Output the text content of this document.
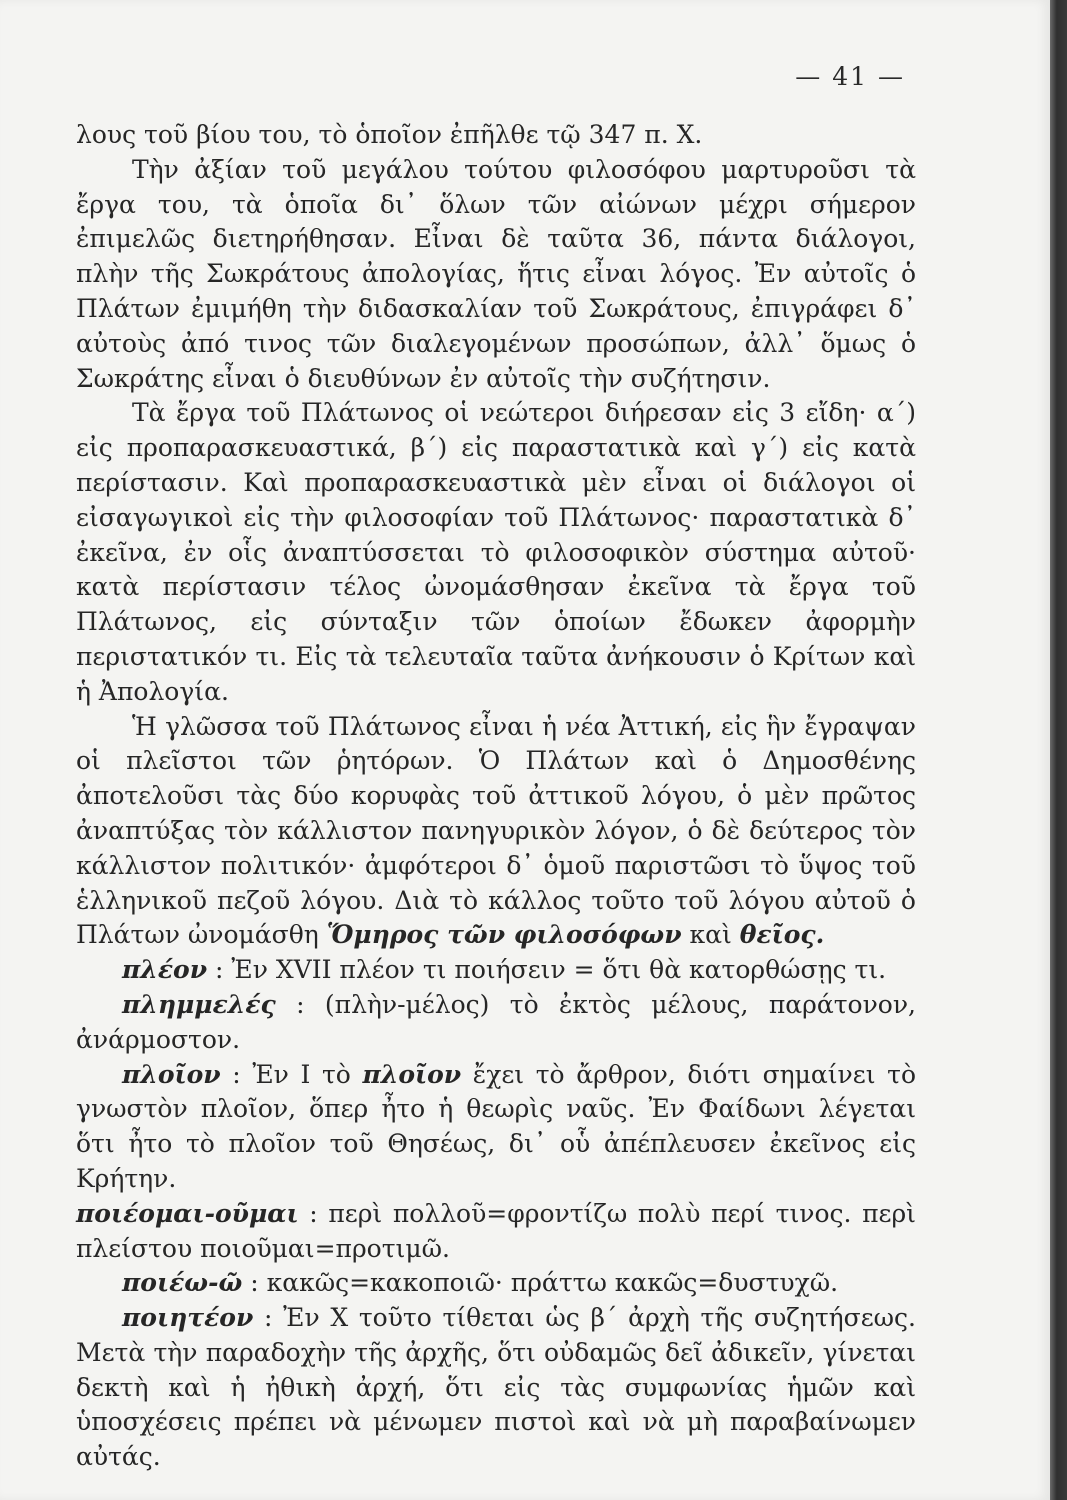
— 41 —

λους τοῦ βίου του, τὸ ὁποῖον ἐπῆλθε τῷ 347 π. Χ.

Τὴν ἀξίαν τοῦ μεγάλου τούτου φιλοσόφου μαρτυροῦσι τὰ ἔργα του, τὰ ὁποῖα δι᾽ ὅλων τῶν αἰώνων μέχρι σήμερον ἐπιμελῶς διετηρήθησαν. Εἶναι δὲ ταῦτα 36, πάντα διάλογοι, πλὴν τῆς Σωκράτους ἀπολογίας, ἥτις εἶναι λόγος. Ἐν αὐτοῖς ὁ Πλάτων ἐμιμήθη τὴν διδασκαλίαν τοῦ Σωκράτους, ἐπιγράφει δ᾽ αὐτοὺς ἀπό τινος τῶν διαλεγομένων προσώπων, ἀλλ᾽ ὅμως ὁ Σωκράτης εἶναι ὁ διευθύνων ἐν αὐτοῖς τὴν συζήτησιν.

Τὰ ἔργα τοῦ Πλάτωνος οἱ νεώτεροι διήρεσαν εἰς 3 εἴδη· α΄) εἰς προπαρασκευαστικά, β΄) εἰς παραστατικὰ καὶ γ΄) εἰς κατὰ περίστασιν. Καὶ προπαρασκευαστικὰ μὲν εἶναι οἱ διάλογοι οἱ εἰσαγωγικοὶ εἰς τὴν φιλοσοφίαν τοῦ Πλάτωνος· παραστατικὰ δ᾽ ἐκεῖνα, ἐν οἷς ἀναπτύσσεται τὸ φιλοσοφικὸν σύστημα αὐτοῦ· κατὰ περίστασιν τέλος ὠνομάσθησαν ἐκεῖνα τὰ ἔργα τοῦ Πλάτωνος, εἰς σύνταξιν τῶν ὁποίων ἔδωκεν ἀφορμὴν περιστατικόν τι. Εἰς τὰ τελευταῖα ταῦτα ἀνήκουσιν ὁ Κρίτων καὶ ἡ Ἀπολογία.

Ἡ γλῶσσα τοῦ Πλάτωνος εἶναι ἡ νέα Ἀττική, εἰς ἣν ἔγραψαν οἱ πλεῖστοι τῶν ῥητόρων. Ὁ Πλάτων καὶ ὁ Δημοσθένης ἀποτελοῦσι τὰς δύο κορυφὰς τοῦ ἀττικοῦ λόγου, ὁ μὲν πρῶτος ἀναπτύξας τὸν κάλλιστον πανηγυρικὸν λόγον, ὁ δὲ δεύτερος τὸν κάλλιστον πολιτικόν· ἀμφότεροι δ᾽ ὁμοῦ παριστῶσι τὸ ὕψος τοῦ ἑλληνικοῦ πεζοῦ λόγου. Διὰ τὸ κάλλος τοῦτο τοῦ λόγου αὐτοῦ ὁ Πλάτων ὠνομάσθη Ὅμηρος τῶν φιλοσόφων καὶ θεῖος.

πλέον : Ἐν XVII πλέον τι ποιήσειν = ὅτι θὰ κατορθώσῃς τι.

πλημμελές : (πλὴν-μέλος) τὸ ἐκτὸς μέλους, παράτονον, ἀνάρμοστον.

πλοῖον : Ἐν I τὸ πλοῖον ἔχει τὸ ἄρθρον, διότι σημαίνει τὸ γνωστὸν πλοῖον, ὅπερ ἦτο ἡ θεωρὶς ναῦς. Ἐν Φαίδωνι λέγεται ὅτι ἦτο τὸ πλοῖον τοῦ Θησέως, δι᾽ οὗ ἀπέπλευσεν ἐκεῖνος εἰς Κρήτην.

ποιέομαι-οῦμαι : περὶ πολλοῦ=φροντίζω πολὺ περί τινος. περὶ πλείστου ποιοῦμαι=προτιμῶ.

ποιέω-ῶ : κακῶς=κακοποιῶ· πράττω κακῶς=δυστυχῶ.

ποιητέον : Ἐν X τοῦτο τίθεται ὡς β΄ ἀρχὴ τῆς συζητήσεως. Μετὰ τὴν παραδοχὴν τῆς ἀρχῆς, ὅτι οὐδαμῶς δεῖ ἀδικεῖν, γίνεται δεκτὴ καὶ ἡ ἠθικὴ ἀρχή, ὅτι εἰς τὰς συμφωνίας ἡμῶν καὶ ὑποσχέσεις πρέπει νὰ μένωμεν πιστοὶ καὶ νὰ μὴ παραβαίνωμεν αὐτάς.
